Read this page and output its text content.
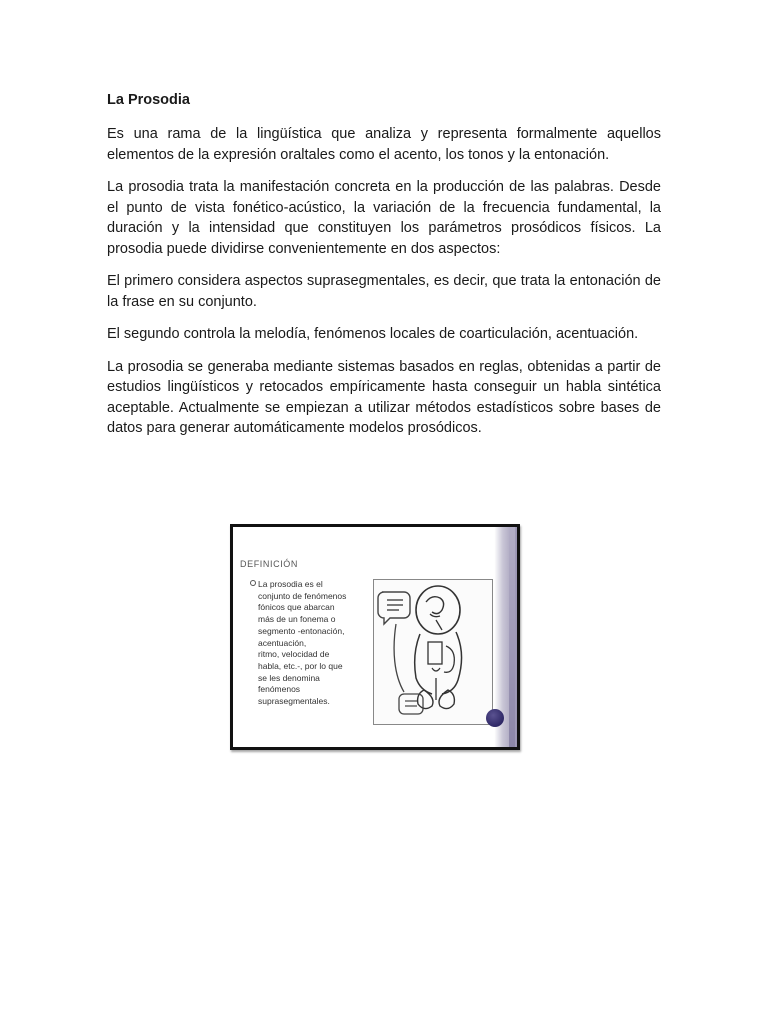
La Prosodia

Es una rama de la lingüística que analiza y representa formalmente aquellos elementos de la expresión oraltales como el acento, los tonos y la entonación.

La prosodia trata la manifestación concreta en la producción de las palabras. Desde el punto de vista fonético-acústico, la variación de la frecuencia fundamental, la duración y la intensidad que constituyen los parámetros prosódicos físicos. La prosodia puede dividirse convenientemente en dos aspectos:

El primero considera aspectos suprasegmentales, es decir, que trata la entonación de la frase en su conjunto.

El segundo controla la melodía, fenómenos locales de coarticulación, acentuación.

La prosodia se generaba mediante sistemas basados en reglas, obtenidas a partir de estudios lingüísticos y retocados empíricamente hasta conseguir un habla sintética aceptable. Actualmente se empiezan a utilizar métodos estadísticos sobre bases de datos para generar automáticamente modelos prosódicos.

DEFINICIÓN
La prosodia es el
conjunto de fenómenos
fónicos que abarcan
más de un fonema o
segmento -entonación,
acentuación,
ritmo, velocidad de
habla, etc.-, por lo que
se les denomina
fenómenos
suprasegmentales.
